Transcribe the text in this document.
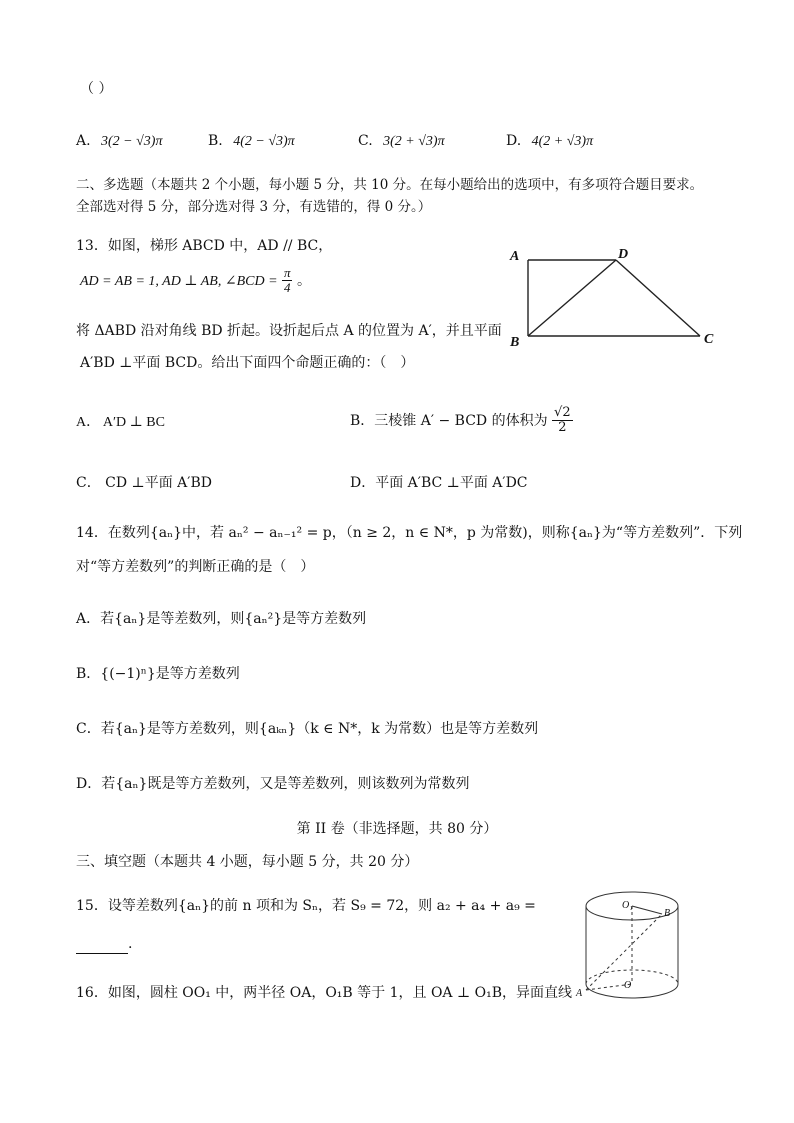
（ ）
A. 3(2 − √3)π	B. 4(2 − √3)π	C. 3(2 + √3)π	D. 4(2 + √3)π
二、多选题（本题共 2 个小题，每小题 5 分，共 10 分。在每小题给出的选项中，有多项符合题目要求。
全部选对得 5 分，部分选对得 3 分，有选错的，得 0 分。）
13．如图，梯形 ABCD 中，AD // BC，
AD = AB = 1, AD ⊥ AB, ∠BCD = $\frac{\pi}{4}$ 。
将 ΔABD 沿对角线 BD 折起。设折起后点 A 的位置为 A′，并且平面
A′BD ⊥平面 BCD。给出下面四个命题正确的：（　）
A
B	C
D
A． A′D ⊥ BC	B．三棱锥 A′ − BCD 的体积为 $\frac{√2}{2}$
C． CD ⊥平面 A′BD	D．平面 A′BC ⊥平面 A′DC
14．在数列{aₙ}中，若 aₙ² − aₙ₋₁² = p，（n ≥ 2，n ∈ N*，p 为常数)，则称{aₙ}为“等方差数列”．下列
对“等方差数列”的判断正确的是（　）
A．若{aₙ}是等差数列，则{aₙ²}是等方差数列
B．{(−1)ⁿ}是等方差数列
C．若{aₙ}是等方差数列，则{aₖₙ}（k ∈ N*，k 为常数）也是等方差数列
D．若{aₙ}既是等方差数列，又是等差数列，则该数列为常数列
第 II 卷（非选择题，共 80 分）
三、填空题（本题共 4 小题，每小题 5 分，共 20 分）
15．设等差数列{aₙ}的前 n 项和为 Sₙ，若 S₉ = 72，则 a₂ + a₄ + a₉ =
.
16．如图，圆柱 OO₁ 中，两半径 OA，O₁B 等于 1，且 OA ⊥ O₁B，异面直线
O₁
B
O
A
